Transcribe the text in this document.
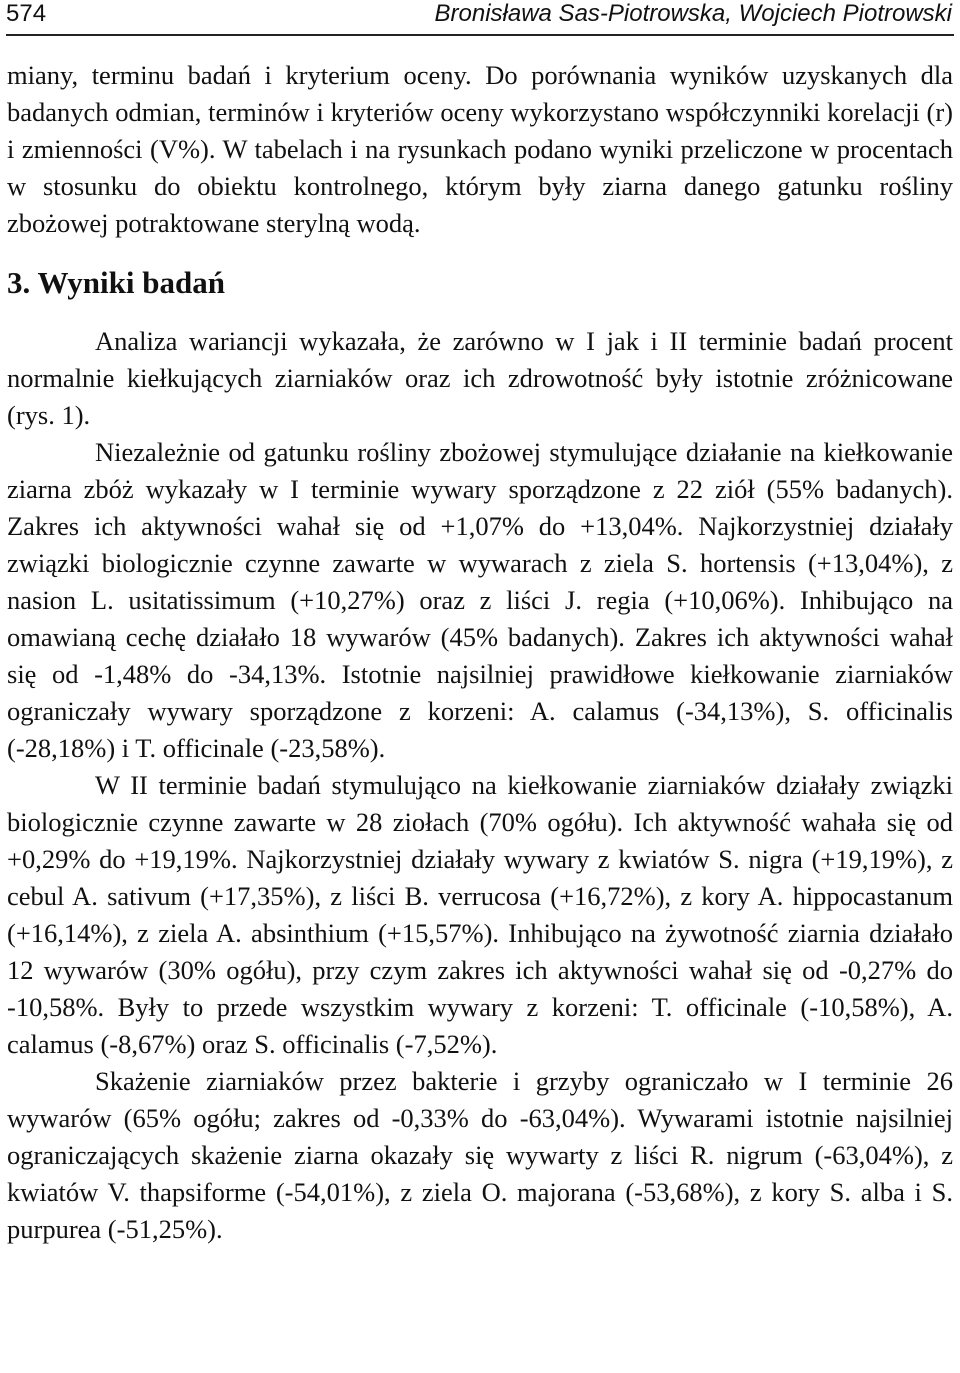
574	Bronisława Sas-Piotrowska, Wojciech Piotrowski

miany, terminu badań i kryterium oceny. Do porównania wyników uzyskanych dla badanych odmian, terminów i kryteriów oceny wykorzystano współczynniki korelacji (r) i zmienności (V%). W tabelach i na rysunkach podano wyniki przeliczone w procentach w stosunku do obiektu kontrolnego, którym były ziarna danego gatunku rośliny zbożowej potraktowane sterylną wodą.

3. Wyniki badań

Analiza wariancji wykazała, że zarówno w I jak i II terminie badań procent normalnie kiełkujących ziarniaków oraz ich zdrowotność były istotnie zróżnicowane (rys. 1).

Niezależnie od gatunku rośliny zbożowej stymulujące działanie na kiełkowanie ziarna zbóż wykazały w I terminie wywary sporządzone z 22 ziół (55% badanych). Zakres ich aktywności wahał się od +1,07% do +13,04%. Najkorzystniej działały związki biologicznie czynne zawarte w wywarach z ziela S. hortensis (+13,04%), z nasion L. usitatissimum (+10,27%) oraz z liści J. regia (+10,06%). Inhibująco na omawianą cechę działało 18 wywarów (45% badanych). Zakres ich aktywności wahał się od -1,48% do -34,13%. Istotnie najsilniej prawidłowe kiełkowanie ziarniaków ograniczały wywary sporządzone z korzeni: A. calamus (-34,13%), S. officinalis (-28,18%) i T. officinale (-23,58%).

W II terminie badań stymulująco na kiełkowanie ziarniaków działały związki biologicznie czynne zawarte w 28 ziołach (70% ogółu). Ich aktywność wahała się od +0,29% do +19,19%. Najkorzystniej działały wywary z kwiatów S. nigra (+19,19%), z cebul A. sativum (+17,35%), z liści B. verrucosa (+16,72%), z kory A. hippocastanum (+16,14%), z ziela A. absinthium (+15,57%). Inhibująco na żywotność ziarnia działało 12 wywarów (30% ogółu), przy czym zakres ich aktywności wahał się od -0,27% do -10,58%. Były to przede wszystkim wywary z korzeni: T. officinale (-10,58%), A. calamus (-8,67%) oraz S. officinalis (-7,52%).

Skażenie ziarniaków przez bakterie i grzyby ograniczało w I terminie 26 wywarów (65% ogółu; zakres od -0,33% do -63,04%). Wywarami istotnie najsilniej ograniczających skażenie ziarna okazały się wywarty z liści R. nigrum (-63,04%), z kwiatów V. thapsiforme (-54,01%), z ziela O. majorana (-53,68%), z kory S. alba i S. purpurea (-51,25%).
